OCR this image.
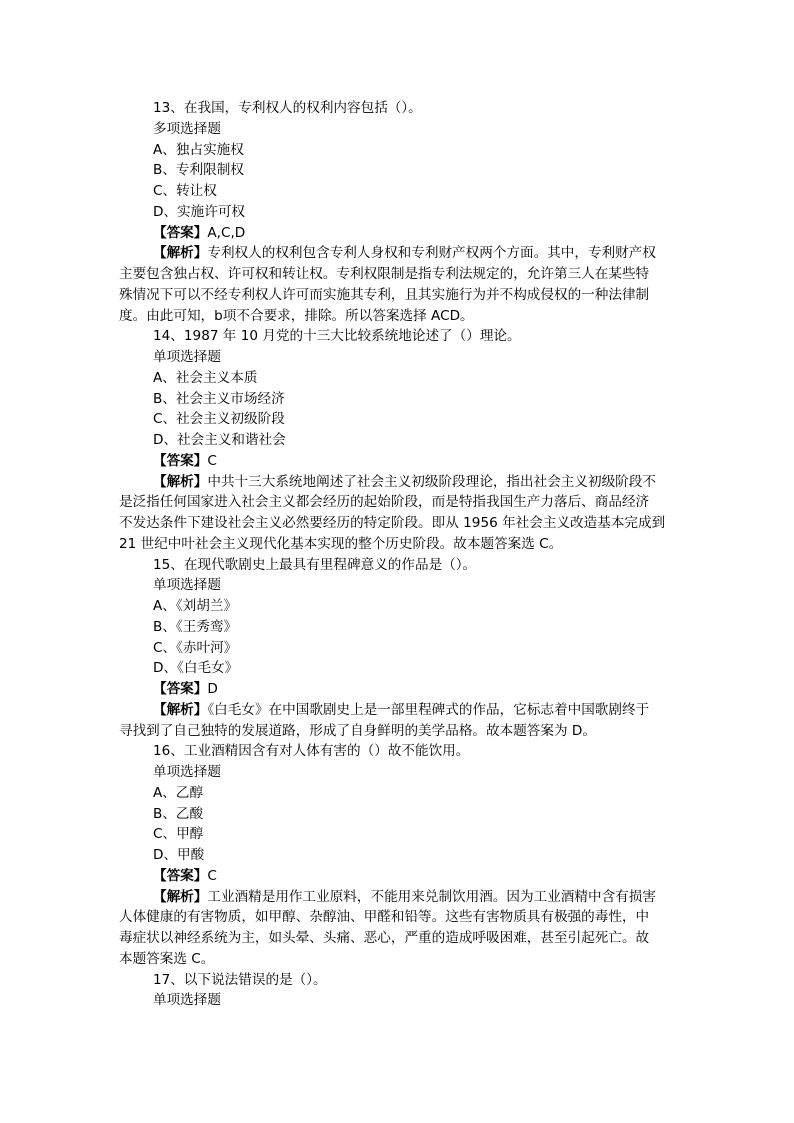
13、在我国，专利权人的权利内容包括（）。
多项选择题
A、独占实施权
B、专利限制权
C、转让权
D、实施许可权
【答案】A,C,D
【解析】专利权人的权利包含专利人身权和专利财产权两个方面。其中，专利财产权
主要包含独占权、许可权和转让权。专利权限制是指专利法规定的，允许第三人在某些特
殊情况下可以不经专利权人许可而实施其专利，且其实施行为并不构成侵权的一种法律制
度。由此可知，b项不合要求，排除。所以答案选择 ACD。
14、1987 年 10 月党的十三大比较系统地论述了（）理论。
单项选择题
A、社会主义本质
B、社会主义市场经济
C、社会主义初级阶段
D、社会主义和谐社会
【答案】C
【解析】中共十三大系统地阐述了社会主义初级阶段理论，指出社会主义初级阶段不
是泛指任何国家进入社会主义都会经历的起始阶段，而是特指我国生产力落后、商品经济
不发达条件下建设社会主义必然要经历的特定阶段。即从 1956 年社会主义改造基本完成到
21 世纪中叶社会主义现代化基本实现的整个历史阶段。故本题答案选 C。
15、在现代歌剧史上最具有里程碑意义的作品是（）。
单项选择题
A、《刘胡兰》
B、《王秀鸾》
C、《赤叶河》
D、《白毛女》
【答案】D
【解析】《白毛女》在中国歌剧史上是一部里程碑式的作品，它标志着中国歌剧终于
寻找到了自己独特的发展道路，形成了自身鲜明的美学品格。故本题答案为 D。
16、工业酒精因含有对人体有害的（）故不能饮用。
单项选择题
A、乙醇
B、乙酸
C、甲醇
D、甲酸
【答案】C
【解析】工业酒精是用作工业原料，不能用来兑制饮用酒。因为工业酒精中含有损害
人体健康的有害物质，如甲醇、杂醇油、甲醛和铅等。这些有害物质具有极强的毒性，中
毒症状以神经系统为主，如头晕、头痛、恶心，严重的造成呼吸困难，甚至引起死亡。故
本题答案选 C。
17、以下说法错误的是（）。
单项选择题
